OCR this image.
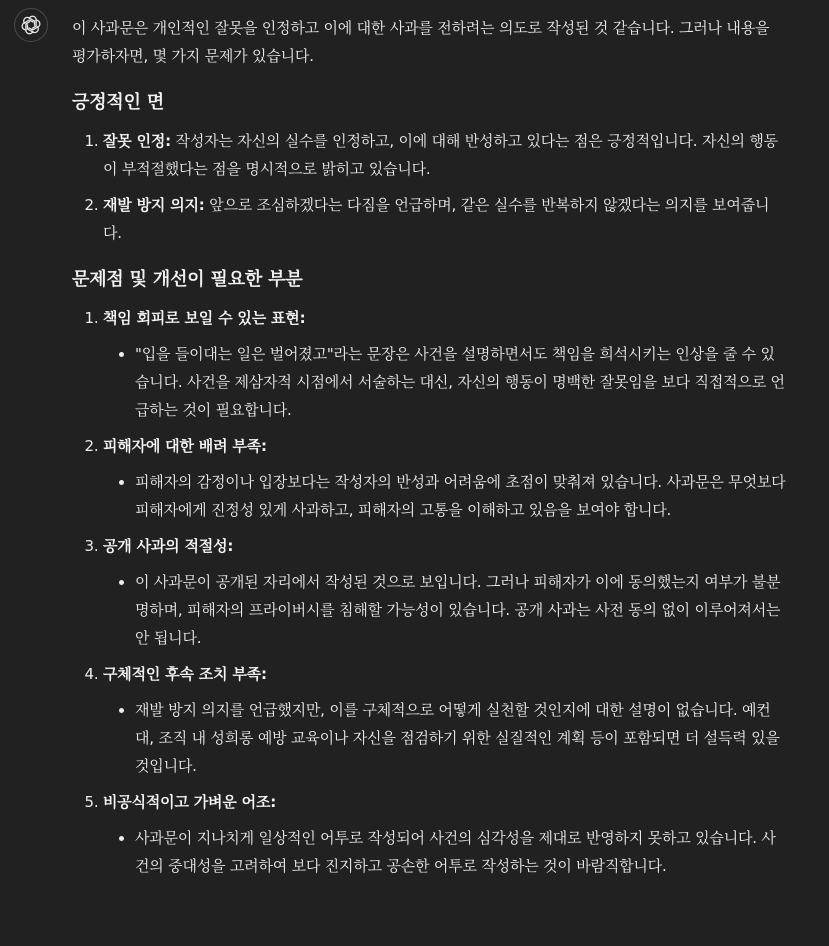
이 사과문은 개인적인 잘못을 인정하고 이에 대한 사과를 전하려는 의도로 작성된 것 같습니다. 그러나 내용을 평가하자면, 몇 가지 문제가 있습니다.

긍정적인 면
1. 잘못 인정: 작성자는 자신의 실수를 인정하고, 이에 대해 반성하고 있다는 점은 긍정적입니다. 자신의 행동이 부적절했다는 점을 명시적으로 밝히고 있습니다.
2. 재발 방지 의지: 앞으로 조심하겠다는 다짐을 언급하며, 같은 실수를 반복하지 않겠다는 의지를 보여줍니다.
문제점 및 개선이 필요한 부분
1. 책임 회피로 보일 수 있는 표현:
• "입을 들이대는 일은 벌어졌고"라는 문장은 사건을 설명하면서도 책임을 희석시키는 인상을 줄 수 있습니다. 사건을 제삼자적 시점에서 서술하는 대신, 자신의 행동이 명백한 잘못임을 보다 직접적으로 언급하는 것이 필요합니다.
2. 피해자에 대한 배려 부족:
• 피해자의 감정이나 입장보다는 작성자의 반성과 어려움에 초점이 맞춰져 있습니다. 사과문은 무엇보다 피해자에게 진정성 있게 사과하고, 피해자의 고통을 이해하고 있음을 보여야 합니다.
3. 공개 사과의 적절성:
• 이 사과문이 공개된 자리에서 작성된 것으로 보입니다. 그러나 피해자가 이에 동의했는지 여부가 불분명하며, 피해자의 프라이버시를 침해할 가능성이 있습니다. 공개 사과는 사전 동의 없이 이루어져서는 안 됩니다.
4. 구체적인 후속 조치 부족:
• 재발 방지 의지를 언급했지만, 이를 구체적으로 어떻게 실천할 것인지에 대한 설명이 없습니다. 예컨대, 조직 내 성희롱 예방 교육이나 자신을 점검하기 위한 실질적인 계획 등이 포함되면 더 설득력 있을 것입니다.
5. 비공식적이고 가벼운 어조:
• 사과문이 지나치게 일상적인 어투로 작성되어 사건의 심각성을 제대로 반영하지 못하고 있습니다. 사건의 중대성을 고려하여 보다 진지하고 공손한 어투로 작성하는 것이 바람직합니다.
